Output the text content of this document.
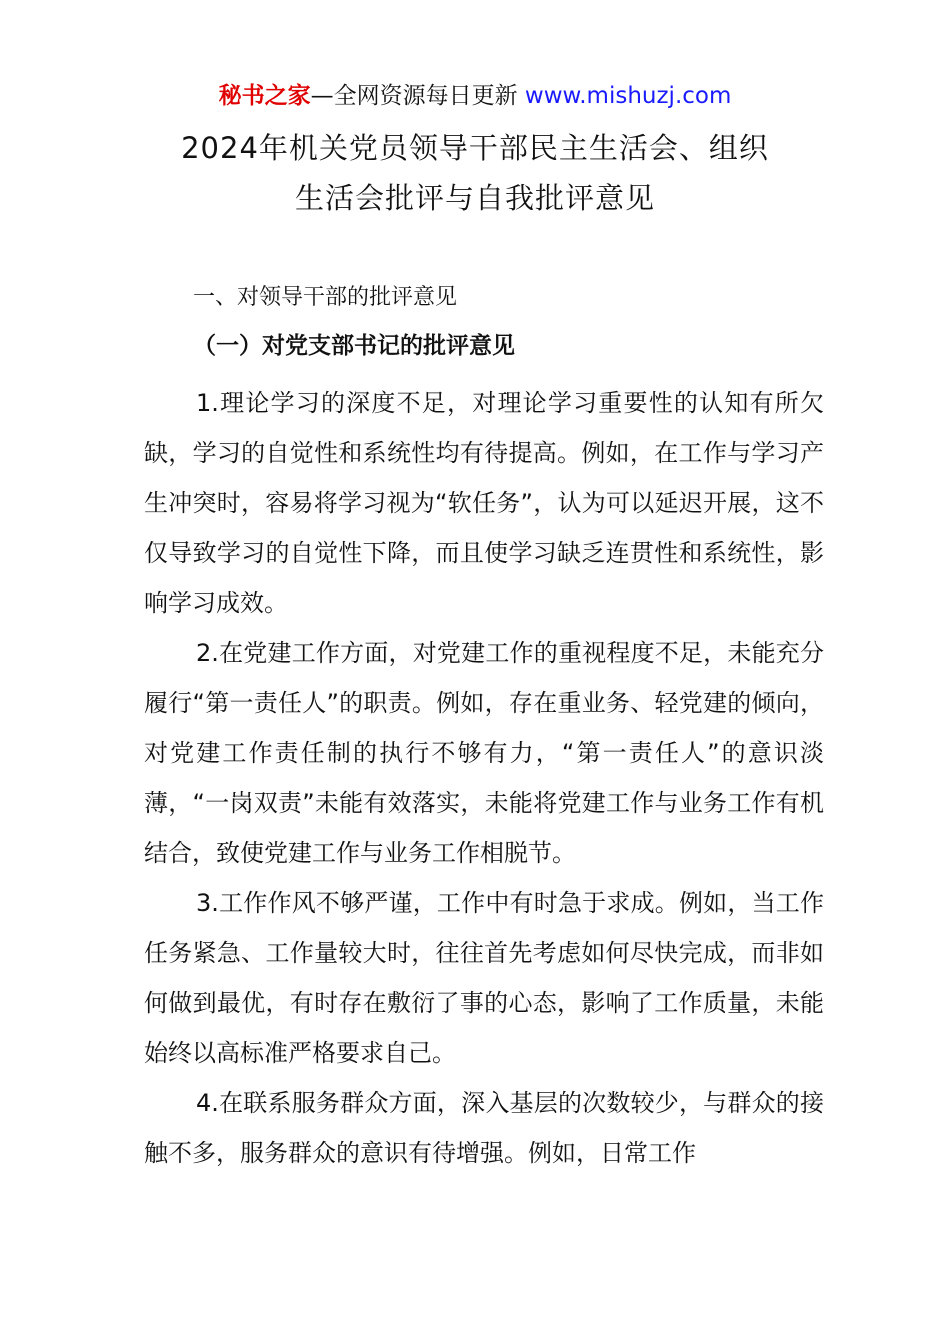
秘书之家—全网资源每日更新 www.mishuzj.com
2024年机关党员领导干部民主生活会、组织
生活会批评与自我批评意见
一、对领导干部的批评意见
（一）对党支部书记的批评意见

1.理论学习的深度不足，对理论学习重要性的认知有所欠缺，学习的自觉性和系统性均有待提高。例如，在工作与学习产生冲突时，容易将学习视为“软任务”，认为可以延迟开展，这不仅导致学习的自觉性下降，而且使学习缺乏连贯性和系统性，影响学习成效。

2.在党建工作方面，对党建工作的重视程度不足，未能充分履行“第一责任人”的职责。例如，存在重业务、轻党建的倾向，对党建工作责任制的执行不够有力，“第一责任人”的意识淡薄，“一岗双责”未能有效落实，未能将党建工作与业务工作有机结合，致使党建工作与业务工作相脱节。

3.工作作风不够严谨，工作中有时急于求成。例如，当工作任务紧急、工作量较大时，往往首先考虑如何尽快完成，而非如何做到最优，有时存在敷衍了事的心态，影响了工作质量，未能始终以高标准严格要求自己。

4.在联系服务群众方面，深入基层的次数较少，与群众的接触不多，服务群众的意识有待增强。例如，日常工作
